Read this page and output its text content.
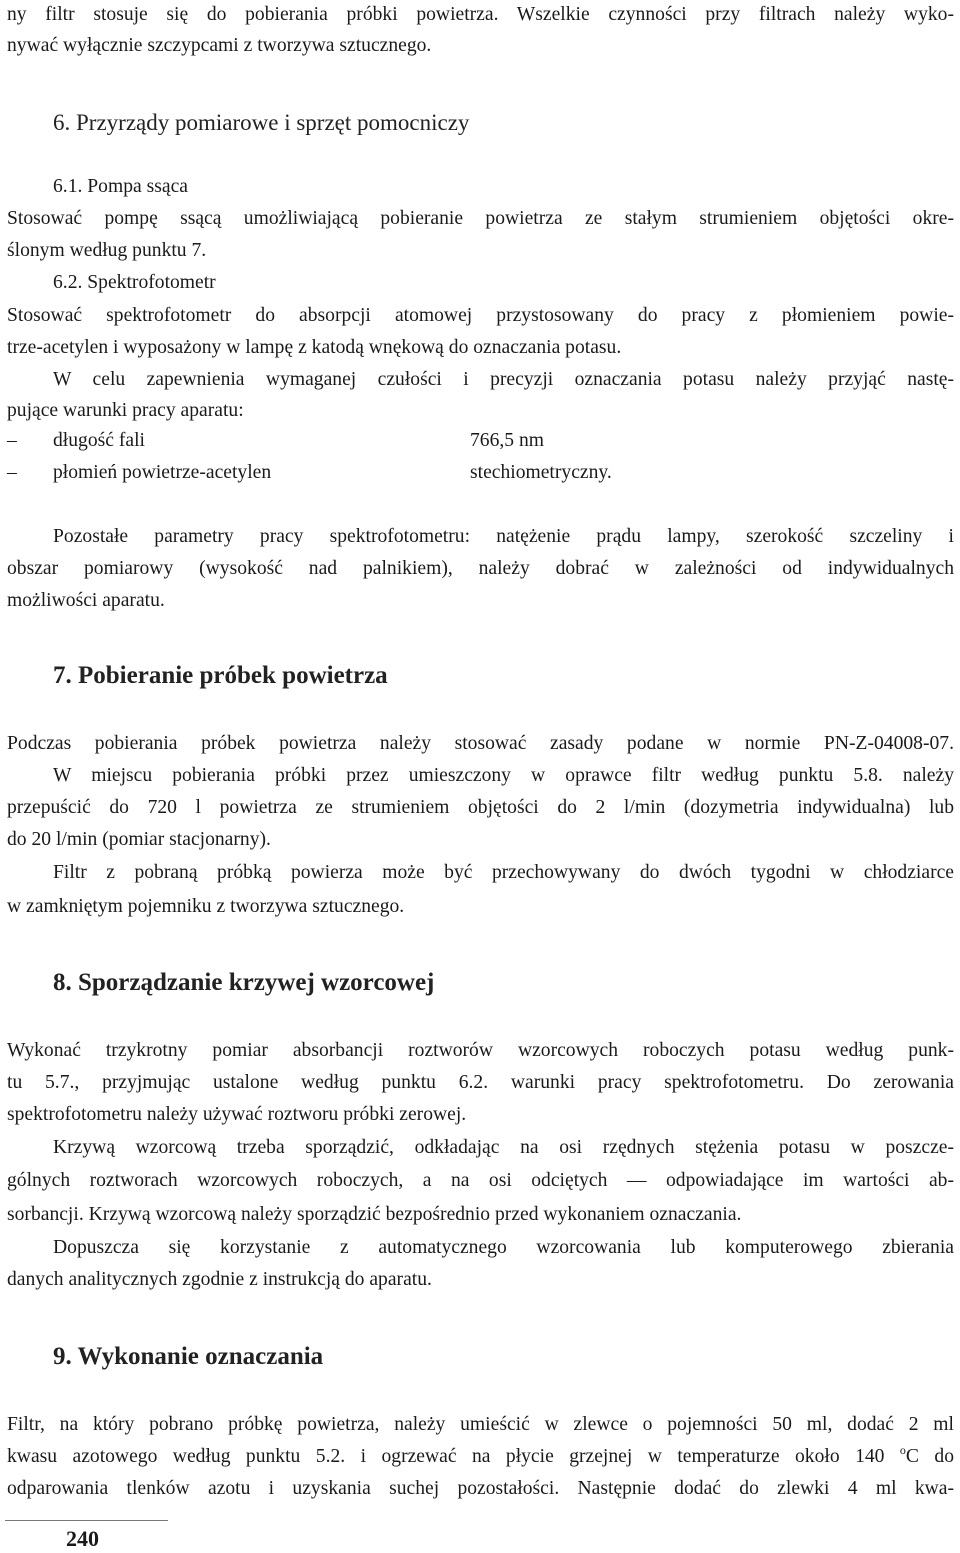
ny filtr stosuje się do pobierania próbki powietrza. Wszelkie czynności przy filtrach należy wyko-
nywać wyłącznie szczypcami z tworzywa sztucznego.
6. Przyrządy pomiarowe i sprzęt pomocniczy
6.1. Pompa ssąca
Stosować pompę ssącą umożliwiającą pobieranie powietrza ze stałym strumieniem objętości okre-
ślonym według punktu 7.
6.2. Spektrofotometr
Stosować spektrofotometr do absorpcji atomowej przystosowany do pracy z płomieniem powie-
trze-acetylen i wyposażony w lampę z katodą wnękową do oznaczania potasu.
W celu zapewnienia wymaganej czułości i precyzji oznaczania potasu należy przyjąć nastę-
pujące warunki pracy aparatu:
– długość fali	766,5 nm
– płomień powietrze-acetylen	stechiometryczny.
Pozostałe parametry pracy spektrofotometru: natężenie prądu lampy, szerokość szczeliny i
obszar pomiarowy (wysokość nad palnikiem), należy dobrać w zależności od indywidualnych
możliwości aparatu.
7. Pobieranie próbek powietrza
Podczas pobierania próbek powietrza należy stosować zasady podane w normie PN-Z-04008-07.
W miejscu pobierania próbki przez umieszczony w oprawce filtr według punktu 5.8. należy
przepuścić do 720 l powietrza ze strumieniem objętości do 2 l/min (dozymetria indywidualna) lub
do 20 l/min (pomiar stacjonarny).
Filtr z pobraną próbką powierza może być przechowywany do dwóch tygodni w chłodziarce
w zamkniętym pojemniku z tworzywa sztucznego.
8. Sporządzanie krzywej wzorcowej
Wykonać trzykrotny pomiar absorbancji roztworów wzorcowych roboczych potasu według punk-
tu 5.7., przyjmując ustalone według punktu 6.2. warunki pracy spektrofotometru. Do zerowania
spektrofotometru należy używać roztworu próbki zerowej.
Krzywą wzorcową trzeba sporządzić, odkładając na osi rzędnych stężenia potasu w poszcze-
gólnych roztworach wzorcowych roboczych, a na osi odciętych — odpowiadające im wartości ab-
sorbancji. Krzywą wzorcową należy sporządzić bezpośrednio przed wykonaniem oznaczania.
Dopuszcza się korzystanie z automatycznego wzorcowania lub komputerowego zbierania
danych analitycznych zgodnie z instrukcją do aparatu.
9. Wykonanie oznaczania
Filtr, na który pobrano próbkę powietrza, należy umieścić w zlewce o pojemności 50 ml, dodać 2 ml
kwasu azotowego według punktu 5.2. i ogrzewać na płycie grzejnej w temperaturze około 140 $^o$C do
odparowania tlenków azotu i uzyskania suchej pozostałości. Następnie dodać do zlewki 4 ml kwa-
240
